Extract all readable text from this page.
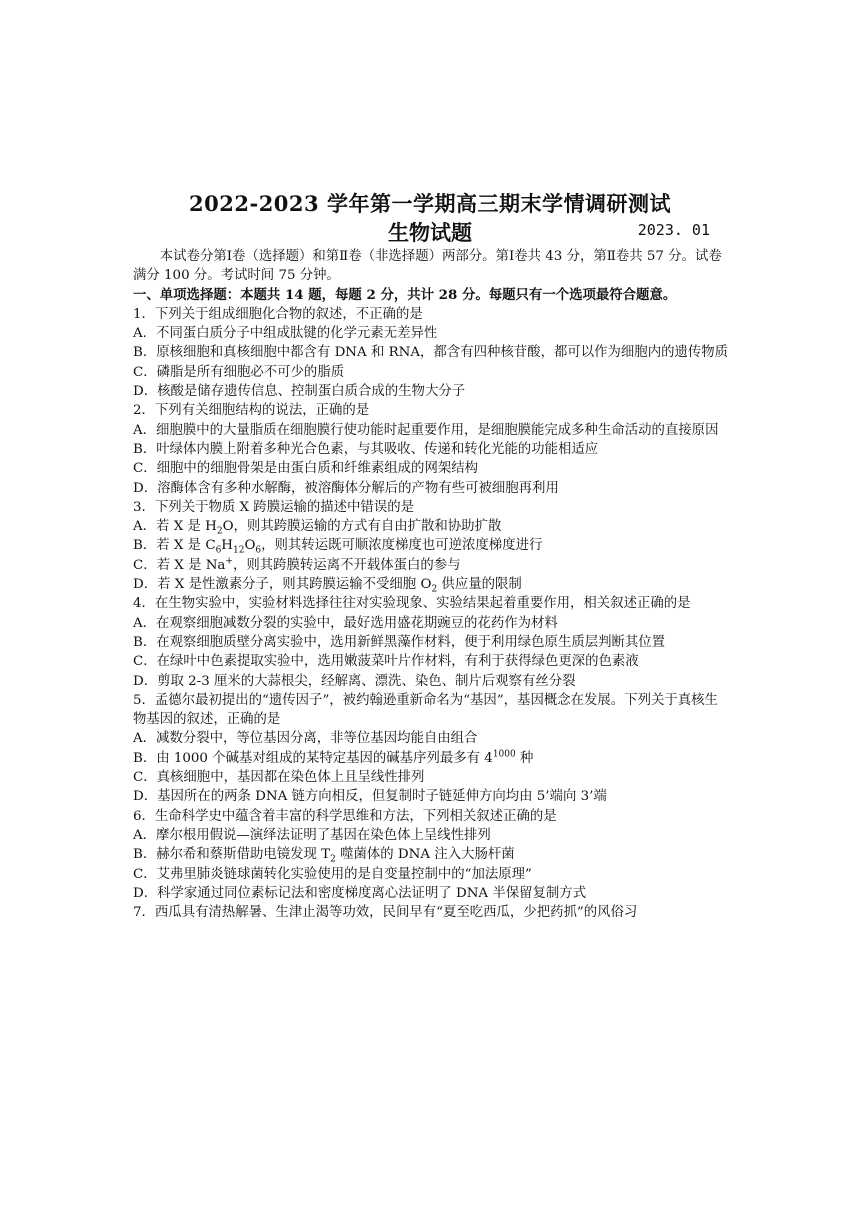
2022-2023 学年第一学期高三期末学情调研测试
生物试题	2023. 01

本试卷分第Ⅰ卷（选择题）和第Ⅱ卷（非选择题）两部分。第Ⅰ卷共 43 分，第Ⅱ卷共 57 分。试卷满分 100 分。考试时间 75 分钟。

一、单项选择题：本题共 14 题，每题 2 分，共计 28 分。每题只有一个选项最符合题意。

1．下列关于组成细胞化合物的叙述，不正确的是

A．不同蛋白质分子中组成肽键的化学元素无差异性

B．原核细胞和真核细胞中都含有 DNA 和 RNA，都含有四种核苷酸，都可以作为细胞内的遗传物质

C．磷脂是所有细胞必不可少的脂质

D．核酸是储存遗传信息、控制蛋白质合成的生物大分子

2．下列有关细胞结构的说法，正确的是

A．细胞膜中的大量脂质在细胞膜行使功能时起重要作用，是细胞膜能完成多种生命活动的直接原因

B．叶绿体内膜上附着多种光合色素，与其吸收、传递和转化光能的功能相适应

C．细胞中的细胞骨架是由蛋白质和纤维素组成的网架结构

D．溶酶体含有多种水解酶，被溶酶体分解后的产物有些可被细胞再利用

3．下列关于物质 X 跨膜运输的描述中错误的是

A．若 X 是 $H_2O$，则其跨膜运输的方式有自由扩散和协助扩散

B．若 X 是 $C_6H_{12}O_6$，则其转运既可顺浓度梯度也可逆浓度梯度进行

C．若 X 是 Na+，则其跨膜转运离不开载体蛋白的参与

D．若 X 是性激素分子，则其跨膜运输不受细胞 $O_2$ 供应量的限制

4．在生物实验中，实验材料选择往往对实验现象、实验结果起着重要作用，相关叙述正确的是

A．在观察细胞减数分裂的实验中，最好选用盛花期豌豆的花药作为材料

B．在观察细胞质壁分离实验中，选用新鲜黑藻作材料，便于利用绿色原生质层判断其位置

C．在绿叶中色素提取实验中，选用嫩菠菜叶片作材料，有利于获得绿色更深的色素液

D．剪取 2-3 厘米的大蒜根尖，经解离、漂洗、染色、制片后观察有丝分裂

5．孟德尔最初提出的“遗传因子”，被约翰逊重新命名为“基因”，基因概念在发展。下列关于真核生物基因的叙述，正确的是

A．减数分裂中，等位基因分离，非等位基因均能自由组合

B．由 1000 个碱基对组成的某特定基因的碱基序列最多有 $4^{1000}$ 种

C．真核细胞中，基因都在染色体上且呈线性排列

D．基因所在的两条 DNA 链方向相反，但复制时子链延伸方向均由 5’端向 3’端

6．生命科学史中蕴含着丰富的科学思维和方法，下列相关叙述正确的是

A．摩尔根用假说—演绎法证明了基因在染色体上呈线性排列

B．赫尔希和蔡斯借助电镜发现 $T_2$ 噬菌体的 DNA 注入大肠杆菌

C．艾弗里肺炎链球菌转化实验使用的是自变量控制中的“加法原理”

D．科学家通过同位素标记法和密度梯度离心法证明了 DNA 半保留复制方式

7．西瓜具有清热解暑、生津止渴等功效，民间早有“夏至吃西瓜，少把药抓”的风俗习
